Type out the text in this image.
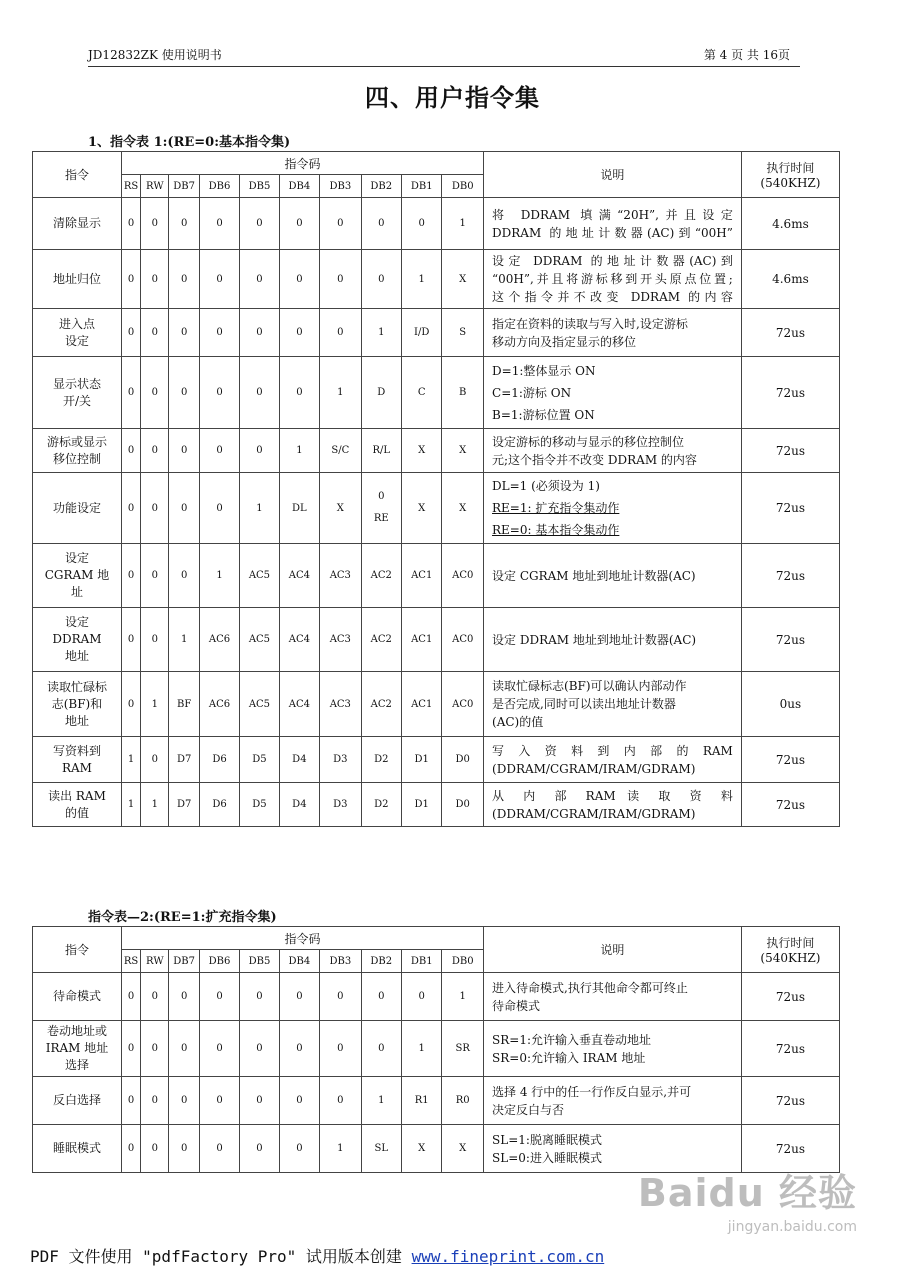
JD12832ZK 使用说明书	第 4 页 共 16页
四、用户指令集
1、指令表 1:(RE=0:基本指令集)
指令	指令码										说明	执行时间
(540KHZ)

	RS	RW	DB7	DB6	DB5	DB4	DB3	DB2	DB1	DB0		

清除显示	0	0	0	0	0	0	0	0	0	1	将 DDRAM 填满“20H”,并且设定
DDRAM 的地址计数器(AC)到“00H”	4.6ms

地址归位	0	0	0	0	0	0	0	0	1	X	设定 DDRAM 的地址计数器(AC)到
“00H”,并且将游标移到开头原点位置;
这个指令并不改变 DDRAM 的内容	4.6ms

进入点
设定	0	0	0	0	0	0	0	1	I/D	S	指定在资料的读取与写入时,设定游标
移动方向及指定显示的移位	72us

显示状态
开/关	0	0	0	0	0	0	1	D	C	B	D=1:整体显示 ON
C=1:游标 ON
B=1:游标位置 ON	72us

游标或显示
移位控制	0	0	0	0	0	1	S/C	R/L	X	X	设定游标的移动与显示的移位控制位
元;这个指令并不改变 DDRAM 的内容	72us

功能设定	0	0	0	0	1	DL	X	0
RE	X	X	DL=1 (必须设为 1)
RE=1: 扩充指令集动作
RE=0: 基本指令集动作	72us

设定
CGRAM 地
址	0	0	0	1	AC5	AC4	AC3	AC2	AC1	AC0	设定 CGRAM 地址到地址计数器(AC)	72us

设定
DDRAM
地址	0	0	1	AC6	AC5	AC4	AC3	AC2	AC1	AC0	设定 DDRAM 地址到地址计数器(AC)	72us

读取忙碌标
志(BF)和
地址	0	1	BF	AC6	AC5	AC4	AC3	AC2	AC1	AC0	读取忙碌标志(BF)可以确认内部动作
是否完成,同时可以读出地址计数器
(AC)的值	0us

写资料到
RAM	1	0	D7	D6	D5	D4	D3	D2	D1	D0	写 入 资 料 到 内 部 的 RAM
(DDRAM/CGRAM/IRAM/GDRAM)	72us

读出 RAM
的值	1	1	D7	D6	D5	D4	D3	D2	D1	D0	从 内 部 RAM 读 取 资 料
(DDRAM/CGRAM/IRAM/GDRAM)	72us
指令表—2:(RE=1:扩充指令集)
指令	指令码										说明	执行时间
(540KHZ)

	RS	RW	DB7	DB6	DB5	DB4	DB3	DB2	DB1	DB0		

待命模式	0	0	0	0	0	0	0	0	0	1	进入待命模式,执行其他命令都可终止
待命模式	72us

卷动地址或
IRAM 地址
选择	0	0	0	0	0	0	0	0	1	SR	SR=1:允许输入垂直卷动地址
SR=0:允许输入 IRAM 地址	72us

反白选择	0	0	0	0	0	0	0	1	R1	R0	选择 4 行中的任一行作反白显示,并可
决定反白与否	72us

睡眠模式	0	0	0	0	0	0	1	SL	X	X	SL=1:脱离睡眠模式
SL=0:进入睡眠模式	72us
PDF 文件使用 "pdfFactory Pro" 试用版本创建 www.fineprint.com.cn
Baidu 经验
jingyan.baidu.com
